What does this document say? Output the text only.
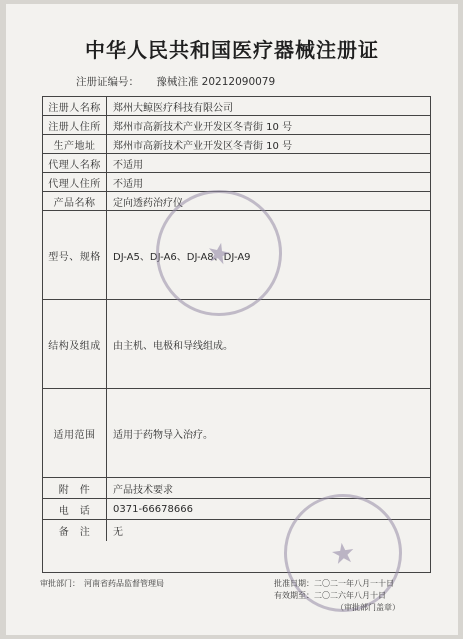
中华人民共和国医疗器械注册证
注册证编号： 豫械注准 20212090079
注册人名称	郑州大鲸医疗科技有限公司
注册人住所	郑州市高新技术产业开发区冬青街 10 号
生产地址	郑州市高新技术产业开发区冬青街 10 号
代理人名称	不适用
代理人住所	不适用
产品名称	定向透药治疗仪
型号、规格	DJ-A5、DJ-A6、DJ-A8、DJ-A9
结构及组成	由主机、电极和导线组成。
适用范围	适用于药物导入治疗。
附　件	产品技术要求
电　话	0371-66678666
备　注	无
★
★
审批部门： 河南省药品监督管理局	批准日期：二〇二一年八月一十日
有效期至：二〇二六年八月十日
（审批部门盖章）
